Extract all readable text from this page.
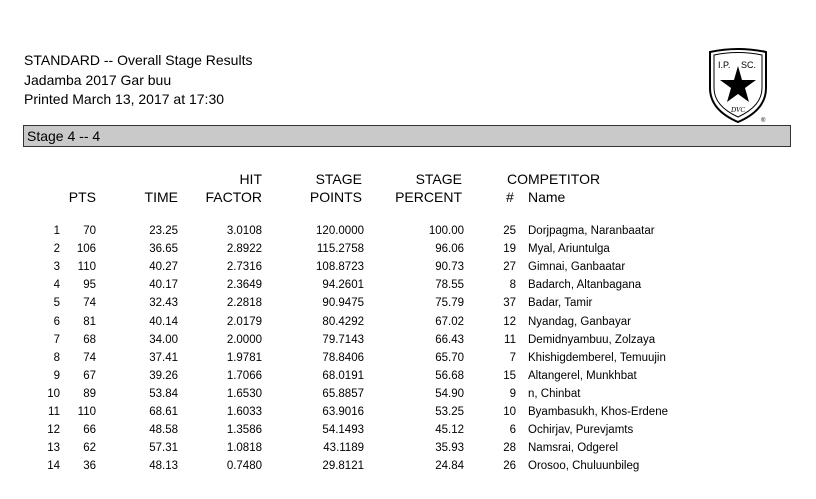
STANDARD -- Overall Stage Results
Jadamba 2017 Gar buu
Printed March 13, 2017 at 17:30
I.P. SC.
DVC
®
Stage 4 -- 4
HIT	STAGE	STAGE	COMPETITOR
PTS	TIME	FACTOR	POINTS	PERCENT	# Name
1	70	23.25	3.0108	120.0000	100.00	25 Dorjpagma, Naranbaatar
2	106	36.65	2.8922	115.2758	96.06	19 Myal, Ariuntulga
3	110	40.27	2.7316	108.8723	90.73	27 Gimnai, Ganbaatar
4	95	40.17	2.3649	94.2601	78.55	8 Badarch, Altanbagana
5	74	32.43	2.2818	90.9475	75.79	37 Badar, Tamir
6	81	40.14	2.0179	80.4292	67.02	12 Nyandag, Ganbayar
7	68	34.00	2.0000	79.7143	66.43	11 Demidnyambuu, Zolzaya
8	74	37.41	1.9781	78.8406	65.70	7 Khishigdemberel, Temuujin
9	67	39.26	1.7066	68.0191	56.68	15 Altangerel, Munkhbat
10	89	53.84	1.6530	65.8857	54.90	9 n, Chinbat
11	110	68.61	1.6033	63.9016	53.25	10 Byambasukh, Khos-Erdene
12	66	48.58	1.3586	54.1493	45.12	6 Ochirjav, Purevjamts
13	62	57.31	1.0818	43.1189	35.93	28 Namsrai, Odgerel
14	36	48.13	0.7480	29.8121	24.84	26 Orosoo, Chuluunbileg
